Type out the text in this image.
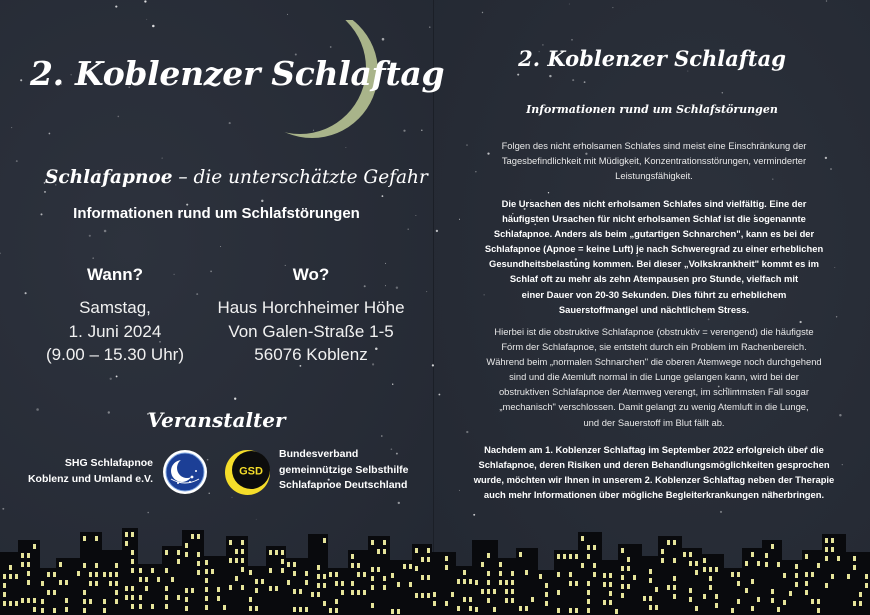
2. Koblenzer Schlaftag
Schlafapnoe – die unterschätzte Gefahr
Informationen rund um Schlafstörungen
Wann?	Wo?
Samstag,
1. Juni 2024
(9.00 – 15.30 Uhr)
Haus Horchheimer Höhe
Von Galen-Straße 1-5
56076 Koblenz
Veranstalter
SHG Schlafapnoe
Koblenz und Umland e.V.
GSD
Bundesverband
gemeinnützige Selbsthilfe
Schlafapnoe Deutschland
2. Koblenzer Schlaftag
Informationen rund um Schlafstörungen
Folgen des nicht erholsamen Schlafes sind meist eine Einschränkung der
Tagesbefindlichkeit mit Müdigkeit, Konzentrationsstörungen, verminderter
Leistungsfähigkeit.
Die Ursachen des nicht erholsamen Schlafes sind vielfältig. Eine der
häufigsten Ursachen für nicht erholsamen Schlaf ist die sogenannte
Schlafapnoe. Anders als beim „gutartigen Schnarchen", kann es bei der
Schlafapnoe (Apnoe = keine Luft) je nach Schweregrad zu einer erheblichen
Gesundheitsbelastung kommen. Bei dieser „Volkskrankheit" kommt es im
Schlaf oft zu mehr als zehn Atempausen pro Stunde, vielfach mit
einer Dauer von 20-30 Sekunden. Dies führt zu erheblichem
Sauerstoffmangel und nächtlichem Stress.
Hierbei ist die obstruktive Schlafapnoe (obstruktiv = verengend) die häufigste
Form der Schlafapnoe, sie entsteht durch ein Problem im Rachenbereich.
Während beim „normalen Schnarchen" die oberen Atemwege noch durchgehend
sind und die Atemluft normal in die Lunge gelangen kann, wird bei der
obstruktiven Schlafapnoe der Atemweg verengt, im schlimmsten Fall sogar
„mechanisch" verschlossen. Damit gelangt zu wenig Atemluft in die Lunge,
und der Sauerstoff im Blut fällt ab.
Nachdem am 1. Koblenzer Schlaftag im September 2022 erfolgreich über die
Schlafapnoe, deren Risiken und deren Behandlungsmöglichkeiten gesprochen
wurde, möchten wir Ihnen in unserem 2. Koblenzer Schlaftag neben der Therapie
auch mehr Informationen über mögliche Begleiterkrankungen näherbringen.
